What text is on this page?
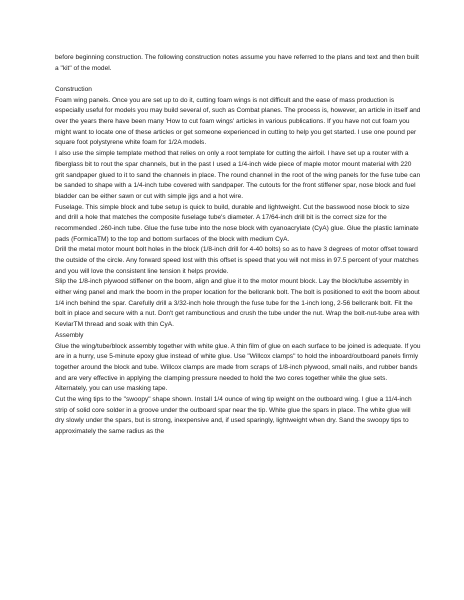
before beginning construction. The following construction notes assume you have referred to the plans and text and then built a "kit" of the model.

Construction

Foam wing panels. Once you are set up to do it, cutting foam wings is not difficult and the ease of mass production is especially useful for models you may build several of, such as Combat planes. The process is, however, an article in itself and over the years there have been many 'How to cut foam wings' articles in various publications. If you have not cut foam you might want to locate one of these articles or get someone experienced in cutting to help you get started. I use one pound per square foot polystyrene white foam for 1/2A models.

I also use the simple template method that relies on only a root template for cutting the airfoil. I have set up a router with a fiberglass bit to rout the spar channels, but in the past I used a 1/4-inch wide piece of maple motor mount material with 220 grit sandpaper glued to it to sand the channels in place. The round channel in the root of the wing panels for the fuse tube can be sanded to shape with a 1/4-inch tube covered with sandpaper. The cutouts for the front stiffener spar, nose block and fuel bladder can be either sawn or cut with simple jigs and a hot wire.

Fuselage. This simple block and tube setup is quick to build, durable and lightweight. Cut the basswood nose block to size and drill a hole that matches the composite fuselage tube's diameter. A 17/64-inch drill bit is the correct size for the recommended .260-inch tube. Glue the fuse tube into the nose block with cyanoacrylate (CyA) glue. Glue the plastic laminate pads (FormicaTM) to the top and bottom surfaces of the block with medium CyA.

Drill the metal motor mount bolt holes in the block (1/8-inch drill for 4-40 bolts) so as to have 3 degrees of motor offset toward the outside of the circle. Any forward speed lost with this offset is speed that you will not miss in 97.5 percent of your matches and you will love the consistent line tension it helps provide.

Slip the 1/8-inch plywood stiffener on the boom, align and glue it to the motor mount block. Lay the block/tube assembly in either wing panel and mark the boom in the proper location for the bellcrank bolt. The bolt is positioned to exit the boom about 1/4 inch behind the spar. Carefully drill a 3/32-inch hole through the fuse tube for the 1-inch long, 2-56 bellcrank bolt. Fit the bolt in place and secure with a nut. Don't get rambunctious and crush the tube under the nut. Wrap the bolt-nut-tube area with KevlarTM thread and soak with thin CyA.

Assembly

Glue the wing/tube/block assembly together with white glue. A thin film of glue on each surface to be joined is adequate. If you are in a hurry, use 5-minute epoxy glue instead of white glue. Use "Willcox clamps" to hold the inboard/outboard panels firmly together around the block and tube. Willcox clamps are made from scraps of 1/8-inch plywood, small nails, and rubber bands and are very effective in applying the clamping pressure needed to hold the two cores together while the glue sets. Alternately, you can use masking tape.

Cut the wing tips to the "swoopy" shape shown. Install 1/4 ounce of wing tip weight on the outboard wing. I glue a 11/4-inch strip of solid core solder in a groove under the outboard spar near the tip. White glue the spars in place. The white glue will dry slowly under the spars, but is strong, inexpensive and, if used sparingly, lightweight when dry. Sand the swoopy tips to approximately the same radius as the
